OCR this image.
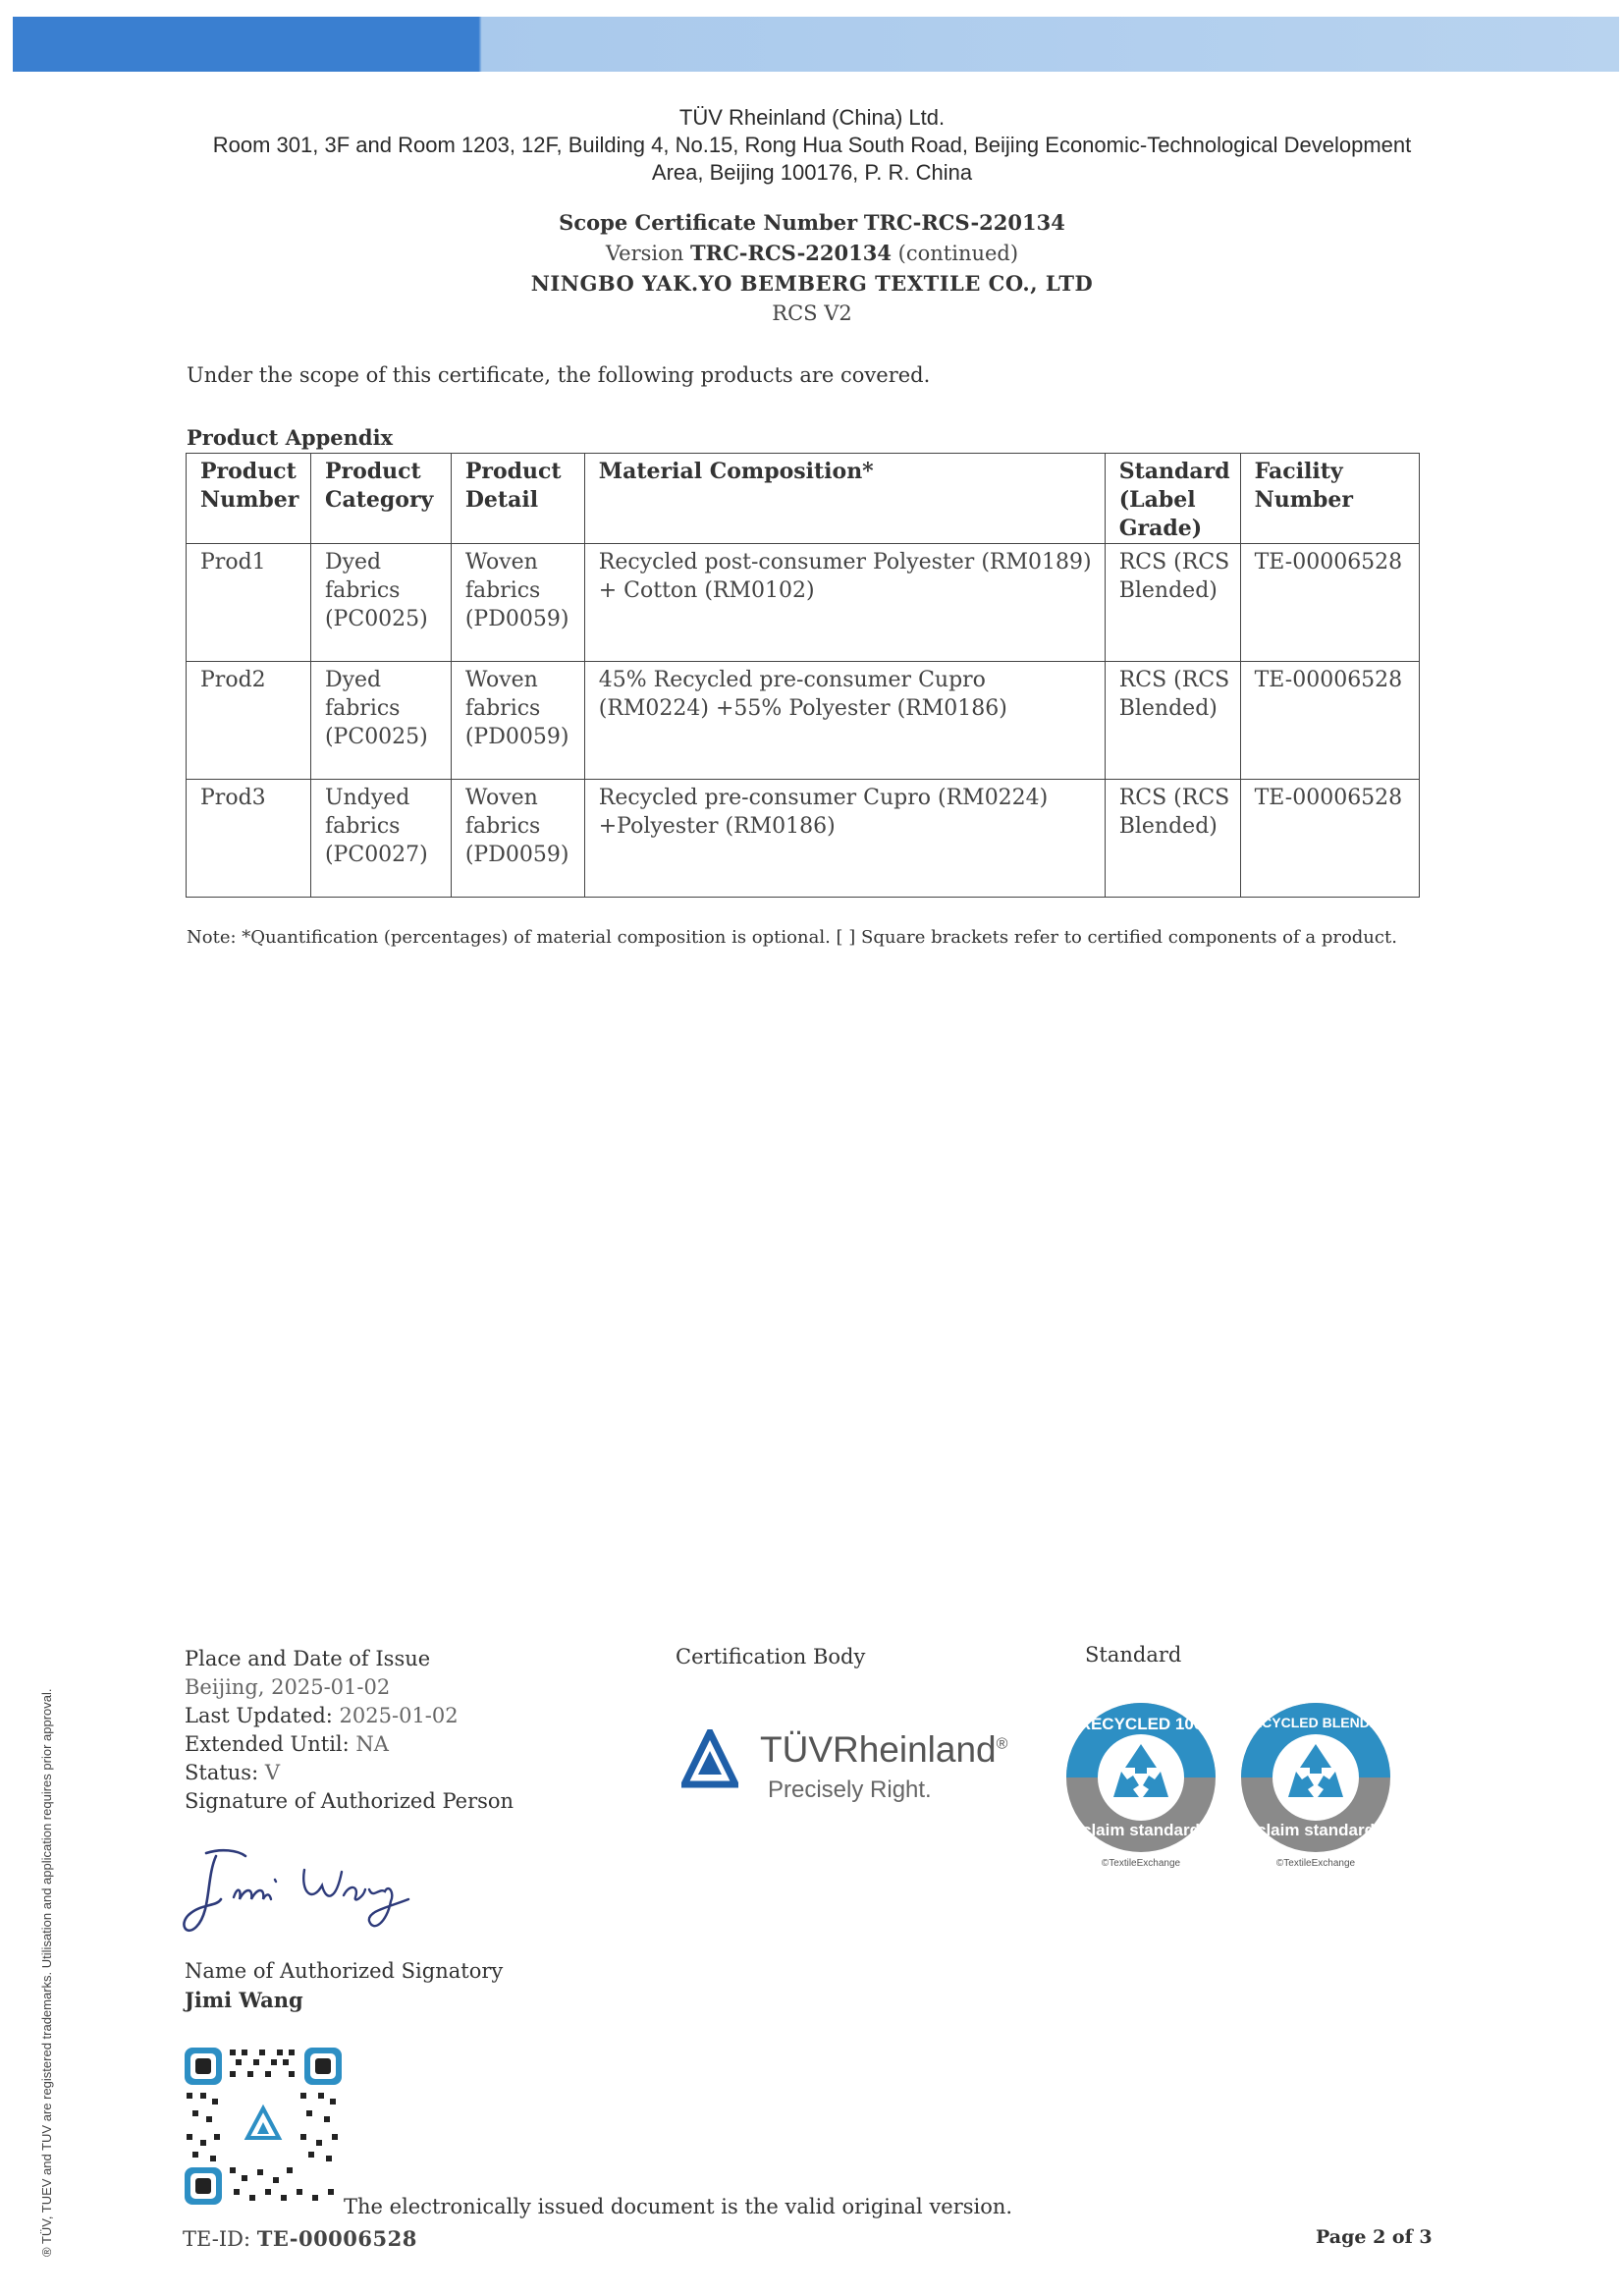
TÜV Rheinland (China) Ltd.
Room 301, 3F and Room 1203, 12F, Building 4, No.15, Rong Hua South Road, Beijing Economic-Technological Development
Area, Beijing 100176, P. R. China
Scope Certificate Number TRC-RCS-220134
Version TRC-RCS-220134 (continued)
NINGBO YAK.YO BEMBERG TEXTILE CO., LTD
RCS V2
Under the scope of this certificate, the following products are covered.
Product Appendix
Product Number	Product Category	Product Detail	Material Composition*	Standard (Label Grade)	Facility Number
Prod1	Dyed fabrics (PC0025)	Woven fabrics (PD0059)	Recycled post-consumer Polyester (RM0189) + Cotton (RM0102)	RCS (RCS Blended)	TE-00006528
Prod2	Dyed fabrics (PC0025)	Woven fabrics (PD0059)	45% Recycled pre-consumer Cupro (RM0224) +55% Polyester (RM0186)	RCS (RCS Blended)	TE-00006528
Prod3	Undyed fabrics (PC0027)	Woven fabrics (PD0059)	Recycled pre-consumer Cupro (RM0224) +Polyester (RM0186)	RCS (RCS Blended)	TE-00006528
Note: *Quantification (percentages) of material composition is optional. [ ] Square brackets refer to certified components of a product.
Place and Date of Issue
Beijing, 2025-01-02
Last Updated: 2025-01-02
Extended Until: NA
Status: V
Signature of Authorized Person
Name of Authorized Signatory
Jimi Wang
Certification Body
TÜVRheinland®
Precisely Right.
Standard
RECYCLED 100
claim standard
©TextileExchange
RECYCLED BLENDED
claim standard
©TextileExchange
The electronically issued document is the valid original version.
TE-ID: TE-00006528	Page 2 of 3
® TÜV, TUEV and TUV are registered trademarks. Utilisation and application requires prior approval.
